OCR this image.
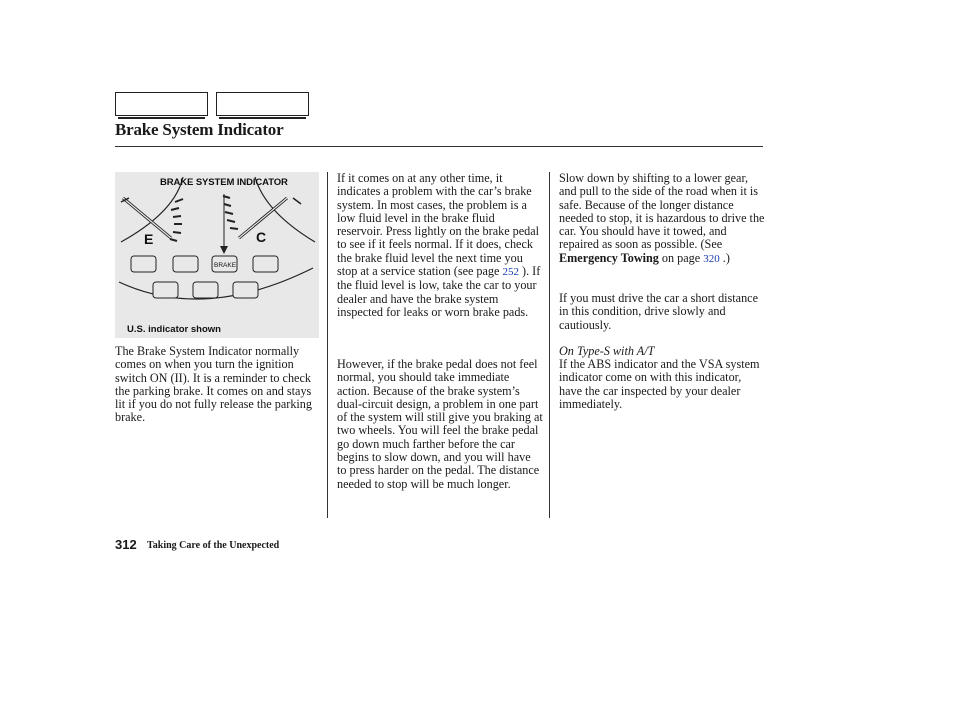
Brake System Indicator
E	C
BRAKE
BRAKE SYSTEM INDICATOR
U.S. indicator shown
The Brake System Indicator normally comes on when you turn the ignition switch ON (II). It is a reminder to check the parking brake. It comes on and stays lit if you do not fully release the parking brake.
If it comes on at any other time, it indicates a problem with the car’s brake system. In most cases, the problem is a low fluid level in the brake fluid reservoir. Press lightly on the brake pedal to see if it feels normal. If it does, check the brake fluid level the next time you stop at a service station (see page 252 ). If the fluid level is low, take the car to your dealer and have the brake system inspected for leaks or worn brake pads.
However, if the brake pedal does not feel normal, you should take immediate action. Because of the brake system’s dual-circuit design, a problem in one part of the system will still give you braking at two wheels. You will feel the brake pedal go down much farther before the car begins to slow down, and you will have to press harder on the pedal. The distance needed to stop will be much longer.
Slow down by shifting to a lower gear, and pull to the side of the road when it is safe. Because of the longer distance needed to stop, it is hazardous to drive the car. You should have it towed, and repaired as soon as possible. (See Emergency Towing on page 320 .)
If you must drive the car a short distance in this condition, drive slowly and cautiously.
On Type-S with A/T
If the ABS indicator and the VSA system indicator come on with this indicator, have the car inspected by your dealer immediately.
312 Taking Care of the Unexpected
